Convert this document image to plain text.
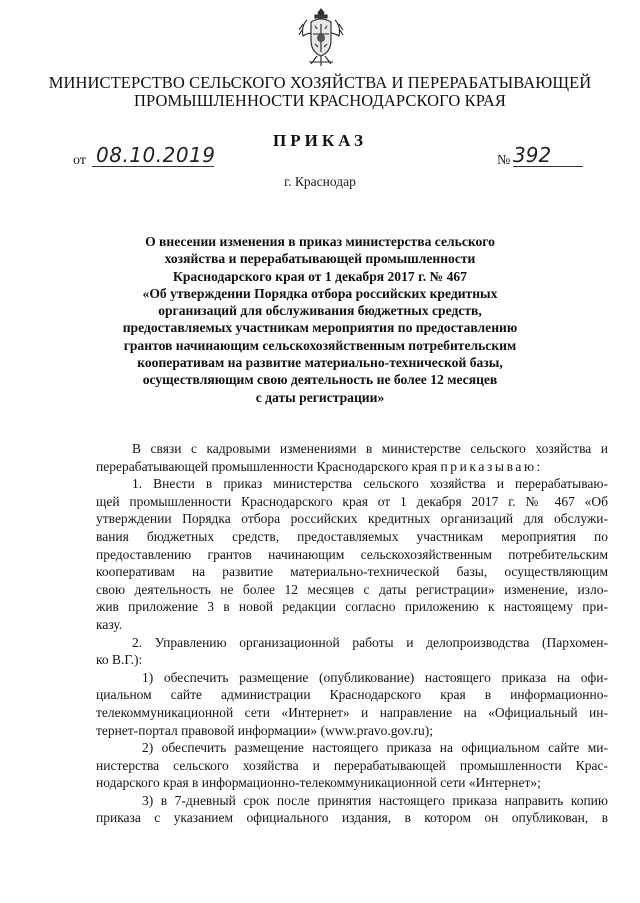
МИНИСТЕРСТВО СЕЛЬСКОГО ХОЗЯЙСТВА И ПЕРЕРАБАТЫВАЮЩЕЙ
ПРОМЫШЛЕННОСТИ КРАСНОДАРСКОГО КРАЯ
ПРИКАЗ
от 08.10.2019	№ 392
г. Краснодар
О внесении изменения в приказ министерства сельского
хозяйства и перерабатывающей промышленности
Краснодарского края от 1 декабря 2017 г. № 467
«Об утверждении Порядка отбора российских кредитных
организаций для обслуживания бюджетных средств,
предоставляемых участникам мероприятия по предоставлению
грантов начинающим сельскохозяйственным потребительским
кооперативам на развитие материально-технической базы,
осуществляющим свою деятельность не более 12 месяцев
с даты регистрации»
В связи с кадровыми изменениями в министерстве сельского хозяйства и
перерабатывающей промышленности Краснодарского края приказываю:
1. Внести в приказ министерства сельского хозяйства и перерабатываю-
щей промышленности Краснодарского края от 1 декабря 2017 г. № 467 «Об
утверждении Порядка отбора российских кредитных организаций для обслужи-
вания бюджетных средств, предоставляемых участникам мероприятия по
предоставлению грантов начинающим сельскохозяйственным потребительским
кооперативам на развитие материально-технической базы, осуществляющим
свою деятельность не более 12 месяцев с даты регистрации» изменение, изло-
жив приложение 3 в новой редакции согласно приложению к настоящему при-
казу.
2. Управлению организационной работы и делопроизводства (Пархомен-
ко В.Г.):
1) обеспечить размещение (опубликование) настоящего приказа на офи-
циальном сайте администрации Краснодарского края в информационно-
телекоммуникационной сети «Интернет» и направление на «Официальный ин-
тернет-портал правовой информации» (www.pravo.gov.ru);
2) обеспечить размещение настоящего приказа на официальном сайте ми-
нистерства сельского хозяйства и перерабатывающей промышленности Крас-
нодарского края в информационно-телекоммуникационной сети «Интернет»;
3) в 7-дневный срок после принятия настоящего приказа направить копию
приказа с указанием официального издания, в котором он опубликован, в
